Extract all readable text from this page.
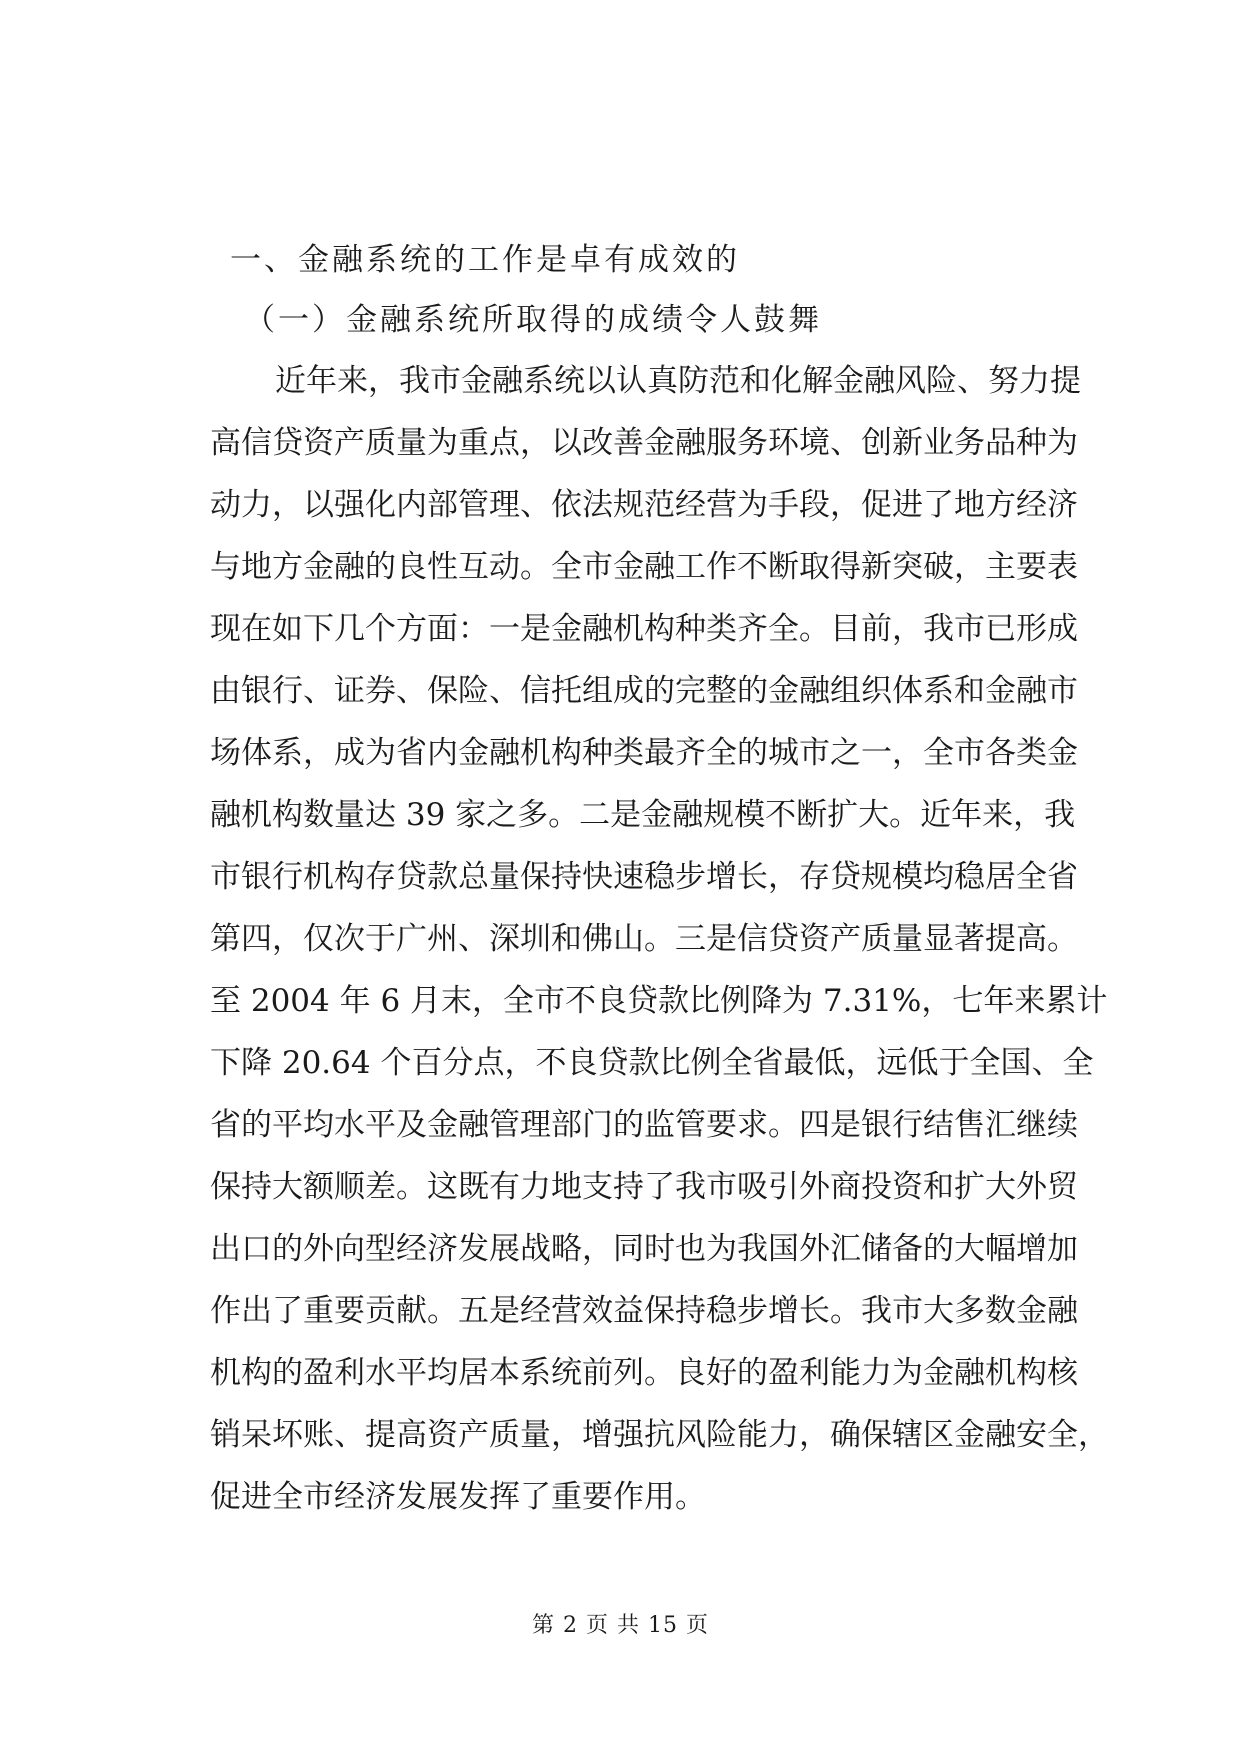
一、金融系统的工作是卓有成效的

（一）金融系统所取得的成绩令人鼓舞

近年来，我市金融系统以认真防范和化解金融风险、努力提

高信贷资产质量为重点，以改善金融服务环境、创新业务品种为

动力，以强化内部管理、依法规范经营为手段，促进了地方经济

与地方金融的良性互动。全市金融工作不断取得新突破，主要表

现在如下几个方面：一是金融机构种类齐全。目前，我市已形成

由银行、证券、保险、信托组成的完整的金融组织体系和金融市

场体系，成为省内金融机构种类最齐全的城市之一，全市各类金

融机构数量达 39 家之多。二是金融规模不断扩大。近年来，我

市银行机构存贷款总量保持快速稳步增长，存贷规模均稳居全省

第四，仅次于广州、深圳和佛山。三是信贷资产质量显著提高。

至 2004 年 6 月末，全市不良贷款比例降为 7.31%，七年来累计

下降 20.64 个百分点，不良贷款比例全省最低，远低于全国、全

省的平均水平及金融管理部门的监管要求。四是银行结售汇继续

保持大额顺差。这既有力地支持了我市吸引外商投资和扩大外贸

出口的外向型经济发展战略，同时也为我国外汇储备的大幅增加

作出了重要贡献。五是经营效益保持稳步增长。我市大多数金融

机构的盈利水平均居本系统前列。良好的盈利能力为金融机构核

销呆坏账、提高资产质量，增强抗风险能力，确保辖区金融安全，

促进全市经济发展发挥了重要作用。

第 2 页 共 15 页
